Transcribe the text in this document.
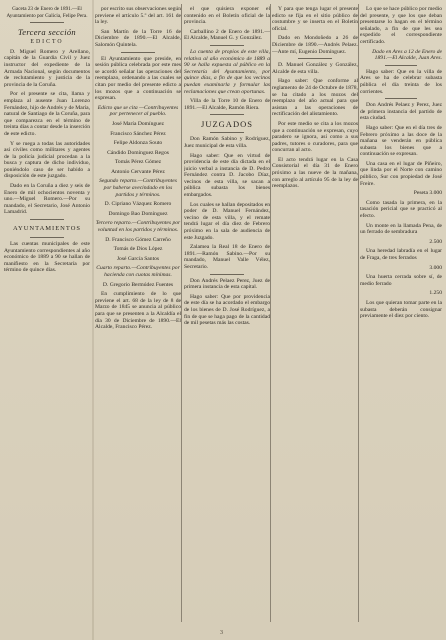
Gaceta 23 de Enero de 1891.—El Ayuntamiento por Galicia, Felipe Pera.

Tercera sección
EDICTO

D. Miguel Romero y Arellano, capitán de la Guardia Civil y Juez instructor del expediente de la Armada Nacional, según documentos de reclutamiento y justicia de la provincia de la Coruña.

Por el presente se cita, llama y emplaza al ausente Juan Lorenzo Fernández, hijo de Andrés y de María, natural de Santiago de la Coruña, para que comparezca en el término de treinta días a contar desde la inserción de este edicto.

Y se ruega a todas las autoridades así civiles como militares y agentes de la policía judicial procedan a la busca y captura de dicho individuo, poniéndolo caso de ser habido a disposición de este juzgado.

Dado en la Coruña a diez y seis de Enero de mil ochocientos noventa y uno.—Miguel Romero.—Por su mandado, el Secretario, José Antonio Lamadrid.

AYUNTAMIENTOS

Las cuentas municipales de este Ayuntamiento correspondientes al año económico de 1889 a 90 se hallan de manifiesto en la Secretaría por término de quince días.

por escrito sus observaciones según previene el artículo 5.º del art. 161 de la ley.

San Martín de la Torre 16 de Diciembre de 1890.—El Alcalde, Salomón Quintela.

El Ayuntamiento que preside, en sesión pública celebrada por este mes se acordó señalar las operaciones del reemplazo, ordenando a las cuales se citan por medio del presente edicto a los mozos que a continuación se expresan.

Edicto que se cita —Contribuyentes por pertenecer al pueblo.

José María Domínguez

Francisco Sánchez Pérez

Felipe Aldonza Souto

Cándido Domínguez Regos

Tomás Pérez Gómez

Antonio Cervante Pérez

Segundo reparto.—Contribuyentes por haberse avecindado en los partidos y términos.

D. Cipriano Vázquez Romero

Domingo Bao Domínguez

Tercero reparto.—Contribuyentes por voluntad en los partidos y términos.

D. Francisco Gómez Carreño

Tomás de Dios López

José García Santos

Cuarto reparto.—Contribuyentes por hacienda con cuotas mínimas.

D. Gregorio Bermúdez Fuentes

En cumplimiento de lo que previene el art. 68 de la ley de 8 de Marzo de 1845 se anuncia al público para que se presenten a la Alcaldía el día 30 de Diciembre de 1890.—El Alcalde, Francisco Pérez.

el que quisiera exponer el contenido en el Boletín oficial de la provincia.

Carballino 2 de Enero de 1891.—El Alcalde, Manuel G. y González.

La cuenta de propios de este villa, relativa al año económico de 1889 a 90 se halla expuesta al público en la Secretaría del Ayuntamiento, por quince días, a fin de que los vecinos puedan examinarla y formular las reclamaciones que crean oportunas.

Villa de la Torre 10 de Enero de 1891.—El Alcalde, Ramón Riera.

JUZGADOS

Don Ramón Sabino y Rodríguez, Juez municipal de esta villa.

Hago saber: Que en virtud de providencia de este día dictada en el juicio verbal a instancia de D. Pedro Fernández contra D. Jacobo Díaz, vecinos de esta villa, se sacan a pública subasta los bienes embargados.

Los cuales se hallan depositados en poder de D. Manuel Fernández, vecino de esta villa, y el remate tendrá lugar el día diez de Febrero próximo en la sala de audiencia de este Juzgado.

Zalamea la Real 18 de Enero de 1891.—Ramón Sabino.—Por su mandado, Manuel Valle Vélez, Secretario.

Don Andrés Pelaez Perez, Juez de primera instancia de esta capital.

Hago saber: Que por providencia de este día se ha acordado el embargo de los bienes de D. José Rodríguez, a fin de que se haga pago de la cantidad de mil pesetas más las costas.

Y para que tenga lugar el presente edicto se fija en el sitio público de costumbre y se inserta en el Boletín oficial.

Dado en Mondoñedo a 26 de Diciembre de 1890.—Andrés Pelaez.—Ante mí, Eugenio Domínguez.

D. Manuel González y González, Alcalde de esta villa.

Hago saber: Que conforme al reglamento de 24 de Octubre de 1878, se ha citado a los mozos del reemplazo del año actual para que asistan a las operaciones de rectificación del alistamiento.

Por este medio se cita a los mozos que a continuación se expresan, cuyo paradero se ignora, así como a sus padres, tutores o curadores, para que concurran al acto.

El acto tendrá lugar en la Casa Consistorial el día 31 de Enero próximo a las nueve de la mañana, con arreglo al artículo 95 de la ley de reemplazos.

Lo que se hace público por medio del presente, y que los que deban presentarse lo hagan en el término señalado, a fin de que les sea expedido el correspondiente certificado.

Dado en Ares a 12 de Enero de 1891.—El Alcalde, Juan Ares.

Hago saber: Que en la villa de Ares se ha de celebrar subasta pública el día treinta de los corrientes.

Don Andrés Pelaez y Perez, Juez de primera instancia del partido de esta ciudad.

Hago saber: Que en el día tres de Febrero próximo a las doce de la mañana se venderán en pública subasta los bienes que a continuación se expresan.

Una casa en el lugar de Piñeiro, que linda por el Norte con camino público, Sur con propiedad de José Freire.

Peseta 3.000

Como tasada la primera, en la tasación pericial que se practicó al efecto.

Un monte en la llamada Pena, de un ferrado de sembradura

2.500

Una heredad labradía en el lugar de Fraga, de tres ferrados

3.000

Una huerta cerrada sobre sí, de medio ferrado

1.250

Los que quieran tomar parte en la subasta deberán consignar previamente el diez por ciento.

3
